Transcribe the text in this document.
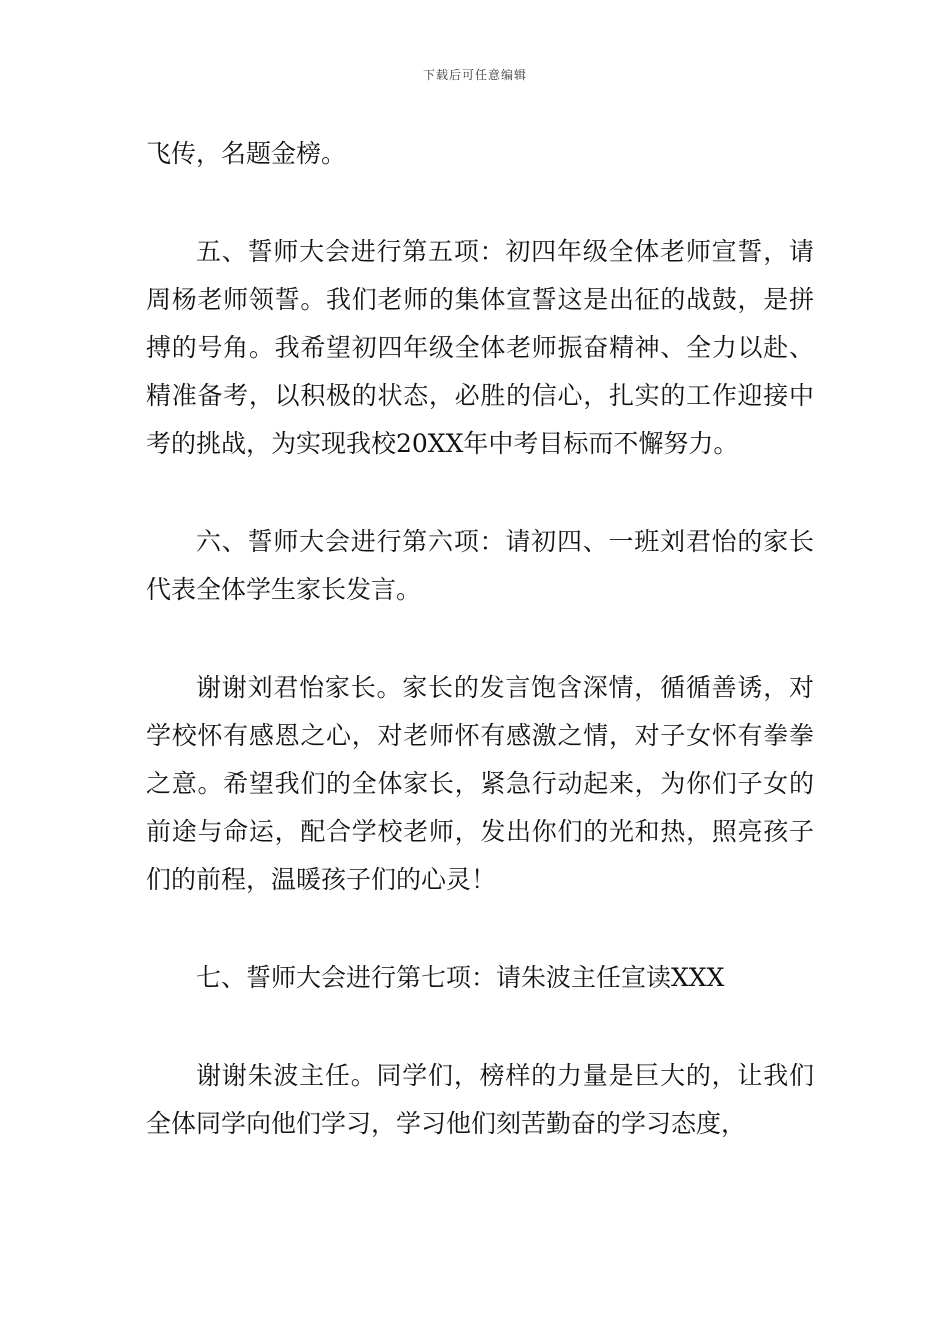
下载后可任意编辑

飞传，名题金榜。

五、誓师大会进行第五项：初四年级全体老师宣誓，请周杨老师领誓。我们老师的集体宣誓这是出征的战鼓，是拼搏的号角。我希望初四年级全体老师振奋精神、全力以赴、精准备考，以积极的状态，必胜的信心，扎实的工作迎接中考的挑战，为实现我校20XX年中考目标而不懈努力。

六、誓师大会进行第六项：请初四、一班刘君怡的家长代表全体学生家长发言。

谢谢刘君怡家长。家长的发言饱含深情，循循善诱，对学校怀有感恩之心，对老师怀有感激之情，对子女怀有拳拳之意。希望我们的全体家长，紧急行动起来，为你们子女的前途与命运，配合学校老师，发出你们的光和热，照亮孩子们的前程，温暖孩子们的心灵！

七、誓师大会进行第七项：请朱波主任宣读XXX

谢谢朱波主任。同学们，榜样的力量是巨大的，让我们全体同学向他们学习，学习他们刻苦勤奋的学习态度，
